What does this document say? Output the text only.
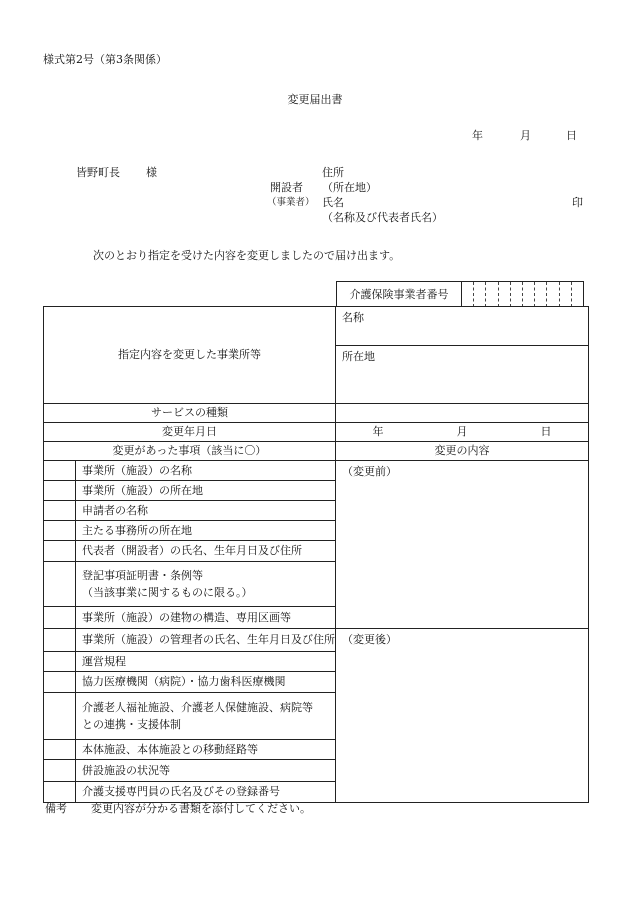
様式第2号（第3条関係）
変更届出書
年	月	日
皆野町長 様	住所
開設者 （所在地）
（事業者） 氏名	印
（名称及び代表者氏名）
次のとおり指定を受けた内容を変更しましたので届け出ます。
介護保険事業者番号
指定内容を変更した事業所等		名称
所在地

サービスの種類		
変更年月日		年 月 日

変更があった事項（該当に〇）		変更の内容

	事業所（施設）の名称	（変更前）

	事業所（施設）の所在地	

	申請者の名称	

	主たる事務所の所在地	

	代表者（開設者）の氏名、生年月日及び住所	

	登記事項証明書・条例等
（当該事業に関するものに限る。）	

	事業所（施設）の建物の構造、専用区画等	

	事業所（施設）の管理者の氏名、生年月日及び住所	（変更後）

	運営規程	

	協力医療機関（病院）・協力歯科医療機関	

	介護老人福祉施設、介護老人保健施設、病院等
との連携・支援体制	

	本体施設、本体施設との移動経路等	

	併設施設の状況等	

	介護支援専門員の氏名及びその登録番号	
備考 変更内容が分かる書類を添付してください。
